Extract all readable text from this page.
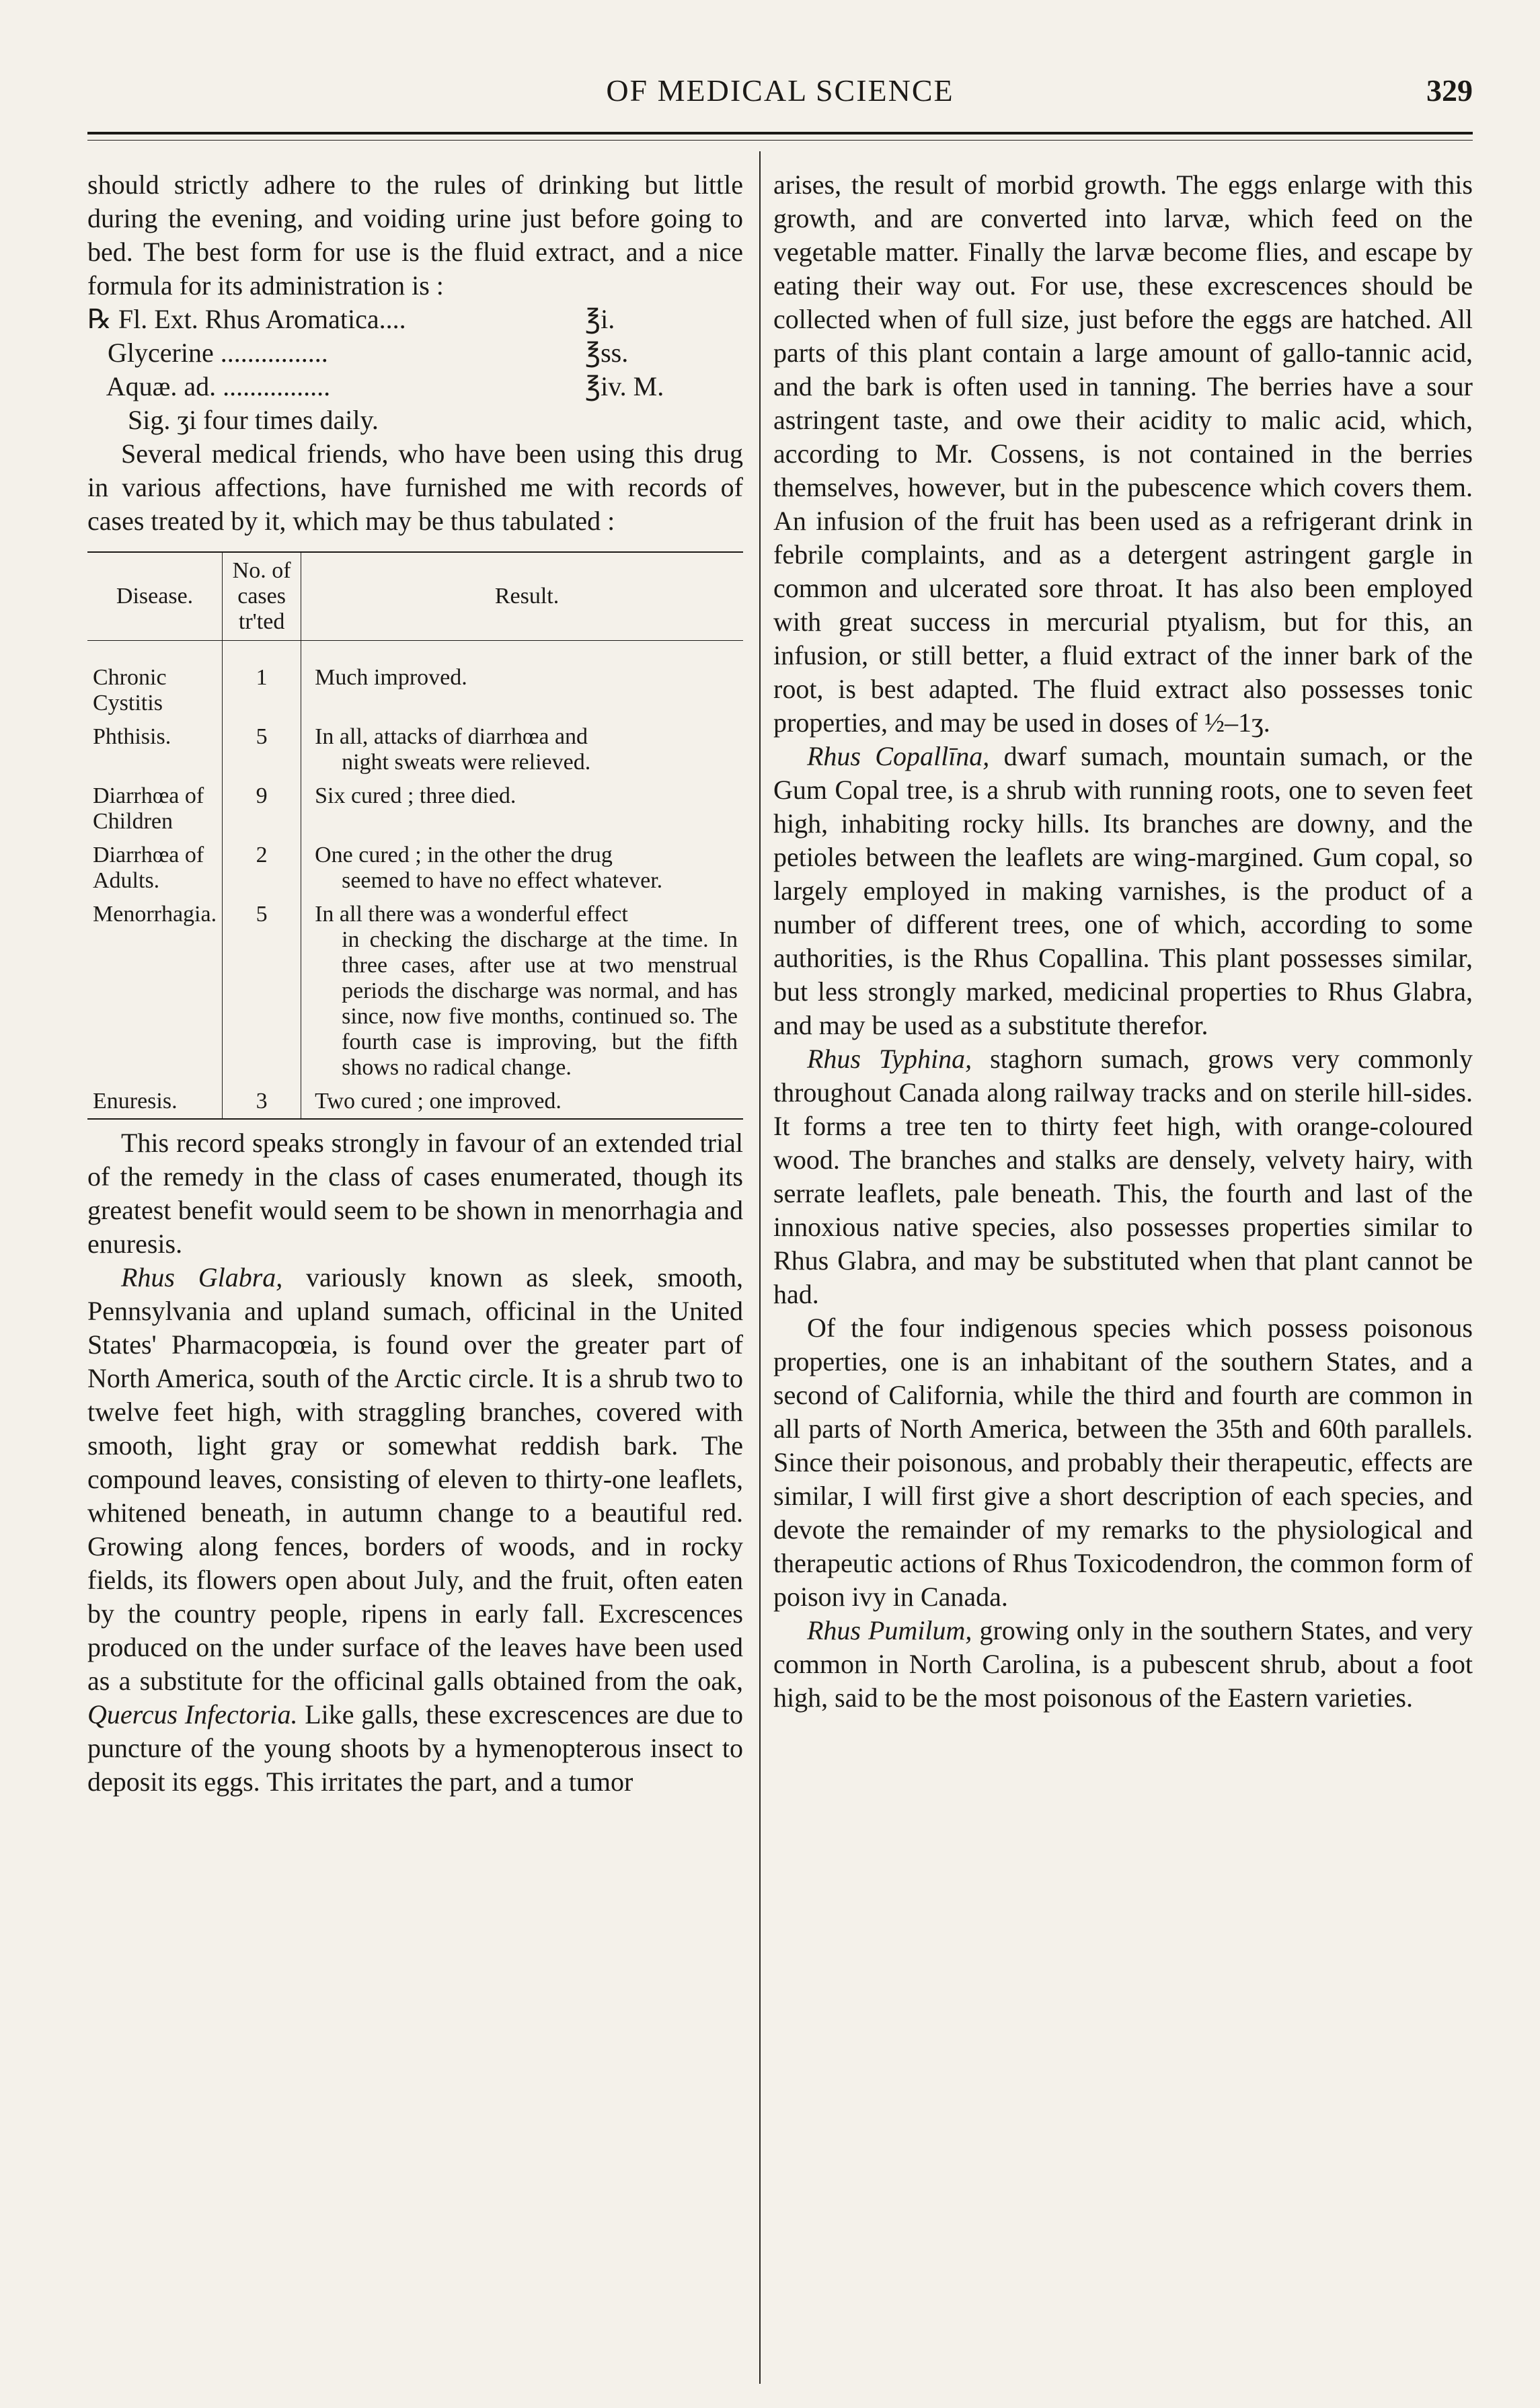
OF MEDICAL SCIENCE	329

should strictly adhere to the rules of drinking but little during the evening, and voiding urine just before going to bed. The best form for use is the fluid extract, and a nice formula for its administration is :

℞ Fl. Ext. Rhus Aromatica....	℥i.
Glycerine ................	℥ss.
Aquæ. ad. ................	℥iv. M.
Sig. ʒi four times daily.

Several medical friends, who have been using this drug in various affections, have furnished me with records of cases treated by it, which may be thus tabulated :

Disease.	No. of cases tr'ted	Result.

Chronic Cystitis	1	Much improved.

Phthisis.	5	In all, attacks of diarrhœa and
night sweats were relieved.

Diarrhœa of Children	9	Six cured ; three died.

Diarrhœa of Adults.	2	One cured ; in the other the drug
seemed to have no effect whatever.

Menorrhagia.	5	In all there was a wonderful effect
in checking the discharge at the time. In three cases, after use at two menstrual periods the discharge was normal, and has since, now five months, continued so. The fourth case is improving, but the fifth shows no radical change.

Enuresis.	3	Two cured ; one improved.

This record speaks strongly in favour of an extended trial of the remedy in the class of cases enumerated, though its greatest benefit would seem to be shown in menorrhagia and enuresis.

Rhus Glabra, variously known as sleek, smooth, Pennsylvania and upland sumach, officinal in the United States' Pharmacopœia, is found over the greater part of North America, south of the Arctic circle. It is a shrub two to twelve feet high, with straggling branches, covered with smooth, light gray or somewhat reddish bark. The compound leaves, consisting of eleven to thirty-one leaflets, whitened beneath, in autumn change to a beautiful red. Growing along fences, borders of woods, and in rocky fields, its flowers open about July, and the fruit, often eaten by the country people, ripens in early fall. Excrescences produced on the under surface of the leaves have been used as a substitute for the officinal galls obtained from the oak, Quercus Infectoria. Like galls, these excrescences are due to puncture of the young shoots by a hymenopterous insect to deposit its eggs. This irritates the part, and a tumor

arises, the result of morbid growth. The eggs enlarge with this growth, and are converted into larvæ, which feed on the vegetable matter. Finally the larvæ become flies, and escape by eating their way out. For use, these excrescences should be collected when of full size, just before the eggs are hatched. All parts of this plant contain a large amount of gallo-tannic acid, and the bark is often used in tanning. The berries have a sour astringent taste, and owe their acidity to malic acid, which, according to Mr. Cossens, is not contained in the berries themselves, however, but in the pubescence which covers them. An infusion of the fruit has been used as a refrigerant drink in febrile complaints, and as a detergent astringent gargle in common and ulcerated sore throat. It has also been employed with great success in mercurial ptyalism, but for this, an infusion, or still better, a fluid extract of the inner bark of the root, is best adapted. The fluid extract also possesses tonic properties, and may be used in doses of ½–1ʒ.

Rhus Copallīna, dwarf sumach, mountain sumach, or the Gum Copal tree, is a shrub with running roots, one to seven feet high, inhabiting rocky hills. Its branches are downy, and the petioles between the leaflets are wing-margined. Gum copal, so largely employed in making varnishes, is the product of a number of different trees, one of which, according to some authorities, is the Rhus Copallina. This plant possesses similar, but less strongly marked, medicinal properties to Rhus Glabra, and may be used as a substitute therefor.

Rhus Typhina, staghorn sumach, grows very commonly throughout Canada along railway tracks and on sterile hill-sides. It forms a tree ten to thirty feet high, with orange-coloured wood. The branches and stalks are densely, velvety hairy, with serrate leaflets, pale beneath. This, the fourth and last of the innoxious native species, also possesses properties similar to Rhus Glabra, and may be substituted when that plant cannot be had.

Of the four indigenous species which possess poisonous properties, one is an inhabitant of the southern States, and a second of California, while the third and fourth are common in all parts of North America, between the 35th and 60th parallels. Since their poisonous, and probably their therapeutic, effects are similar, I will first give a short description of each species, and devote the remainder of my remarks to the physiological and therapeutic actions of Rhus Toxicodendron, the common form of poison ivy in Canada.

Rhus Pumilum, growing only in the southern States, and very common in North Carolina, is a pubescent shrub, about a foot high, said to be the most poisonous of the Eastern varieties.
